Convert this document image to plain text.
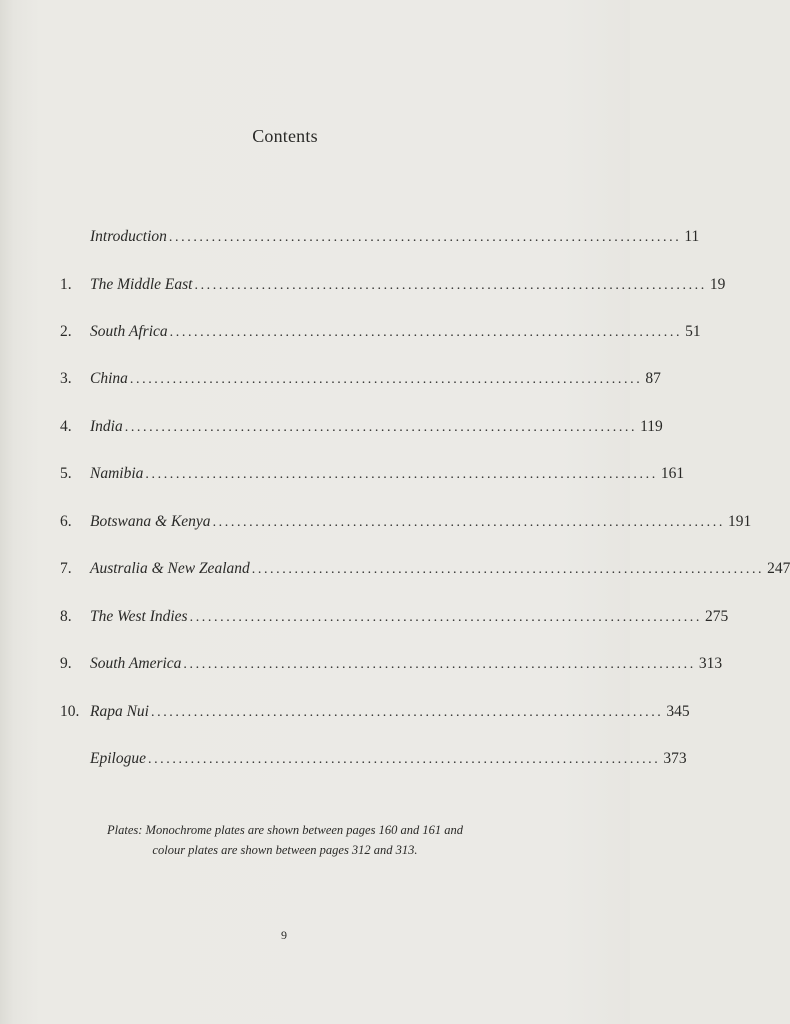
Contents
Introduction .................................................................................... 11
1.	The Middle East .................................................................................... 19
2.	South Africa .................................................................................... 51
3.	China .................................................................................... 87
4.	India .................................................................................... 119
5.	Namibia .................................................................................... 161
6.	Botswana & Kenya .................................................................................... 191
7.	Australia & New Zealand .................................................................................... 247
8.	The West Indies .................................................................................... 275
9.	South America .................................................................................... 313
10. Rapa Nui .................................................................................... 345
Epilogue .................................................................................... 373
Plates: Monochrome plates are shown between pages 160 and 161 and
colour plates are shown between pages 312 and 313.
9
